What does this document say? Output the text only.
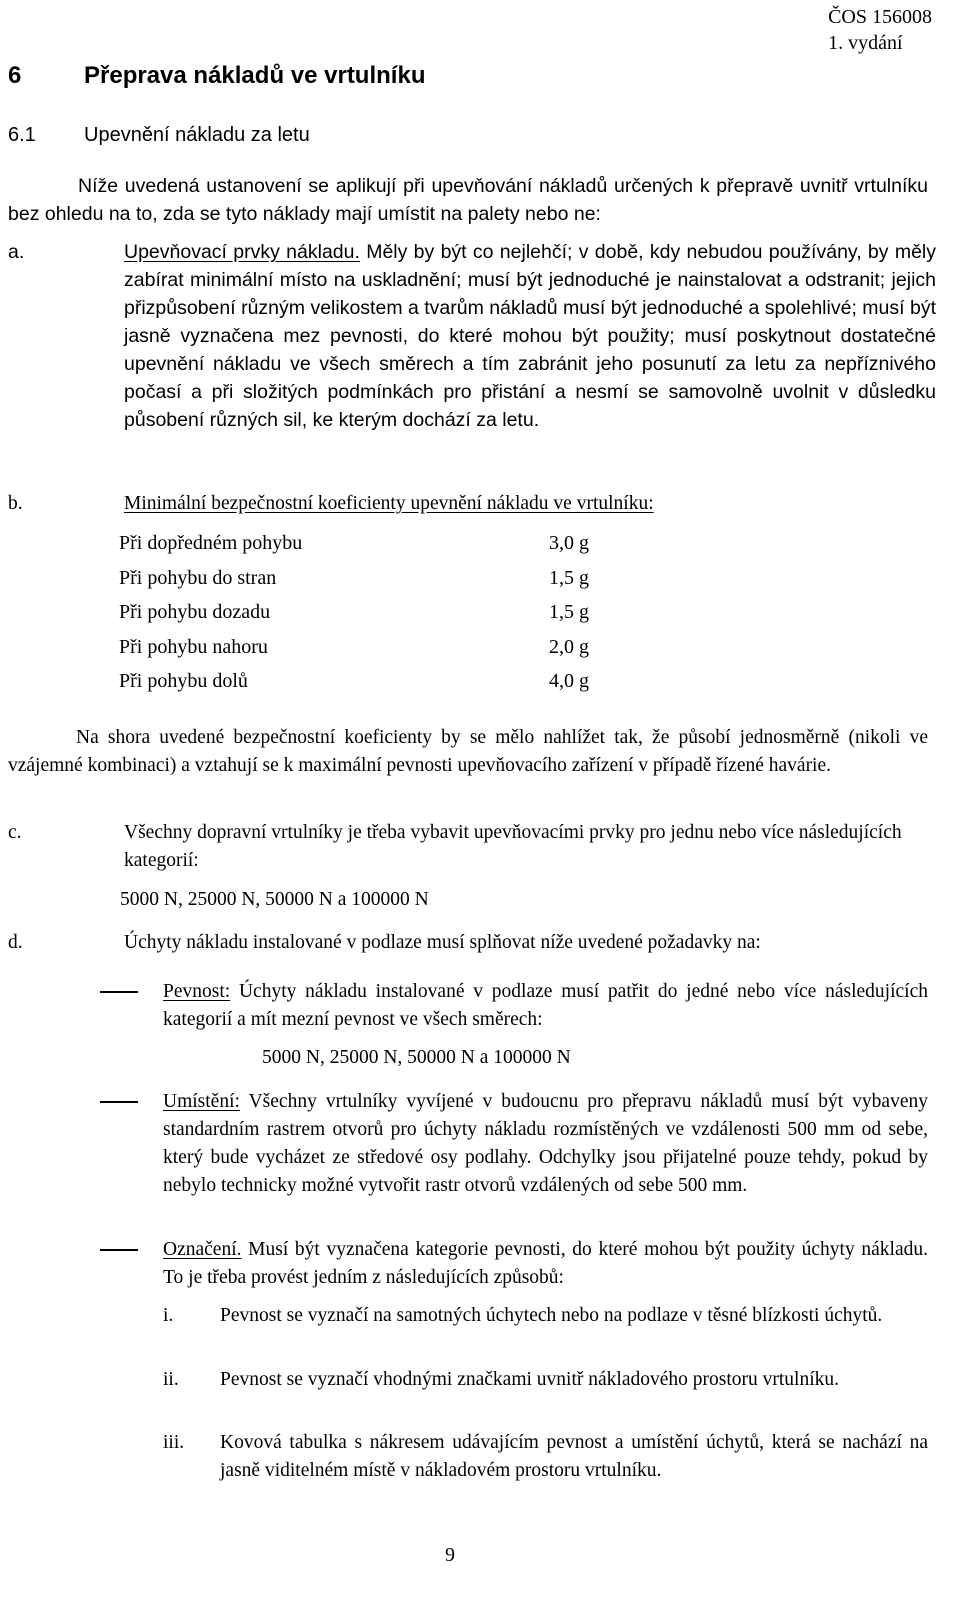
ČOS 156008
1. vydání
6	Přeprava nákladů ve vrtulníku
6.1 Upevnění nákladu za letu
Níže uvedená ustanovení se aplikují při upevňování nákladů určených k přepravě uvnitř vrtulníku bez ohledu na to, zda se tyto náklady mají umístit na palety nebo ne:
a.	Upevňovací prvky nákladu. Měly by být co nejlehčí; v době, kdy nebudou používány, by měly zabírat minimální místo na uskladnění; musí být jednoduché je nainstalovat a odstranit; jejich přizpůsobení různým velikostem a tvarům nákladů musí být jednoduché a spolehlivé; musí být jasně vyznačena mez pevnosti, do které mohou být použity; musí poskytnout dostatečné upevnění nákladu ve všech směrech a tím zabránit jeho posunutí za letu za nepříznivého počasí a při složitých podmínkách pro přistání a nesmí se samovolně uvolnit v důsledku působení různých sil, ke kterým dochází za letu.
b.	Minimální bezpečnostní koeficienty upevnění nákladu ve vrtulníku:
Při dopředném pohybu	3,0 g
Při pohybu do stran	1,5 g
Při pohybu dozadu	1,5 g
Při pohybu nahoru	2,0 g
Při pohybu dolů	4,0 g
Na shora uvedené bezpečnostní koeficienty by se mělo nahlížet tak, že působí jednosměrně (nikoli ve vzájemné kombinaci) a vztahují se k maximální pevnosti upevňovacího zařízení v případě řízené havárie.
c.	Všechny dopravní vrtulníky je třeba vybavit upevňovacími prvky pro jednu nebo více následujících kategorií:
5000 N, 25000 N, 50000 N a 100000 N
d.	Úchyty nákladu instalované v podlaze musí splňovat níže uvedené požadavky na:
Pevnost: Úchyty nákladu instalované v podlaze musí patřit do jedné nebo více následujících kategorií a mít mezní pevnost ve všech směrech:
5000 N, 25000 N, 50000 N a 100000 N
Umístění: Všechny vrtulníky vyvíjené v budoucnu pro přepravu nákladů musí být vybaveny standardním rastrem otvorů pro úchyty nákladu rozmístěných ve vzdálenosti 500 mm od sebe, který bude vycházet ze středové osy podlahy. Odchylky jsou přijatelné pouze tehdy, pokud by nebylo technicky možné vytvořit rastr otvorů vzdálených od sebe 500 mm.
Označení. Musí být vyznačena kategorie pevnosti, do které mohou být použity úchyty nákladu. To je třeba provést jedním z následujících způsobů:
i. Pevnost se vyznačí na samotných úchytech nebo na podlaze v těsné blízkosti úchytů.
ii. Pevnost se vyznačí vhodnými značkami uvnitř nákladového prostoru vrtulníku.
iii. Kovová tabulka s nákresem udávajícím pevnost a umístění úchytů, která se nachází na jasně viditelném místě v nákladovém prostoru vrtulníku.
9
